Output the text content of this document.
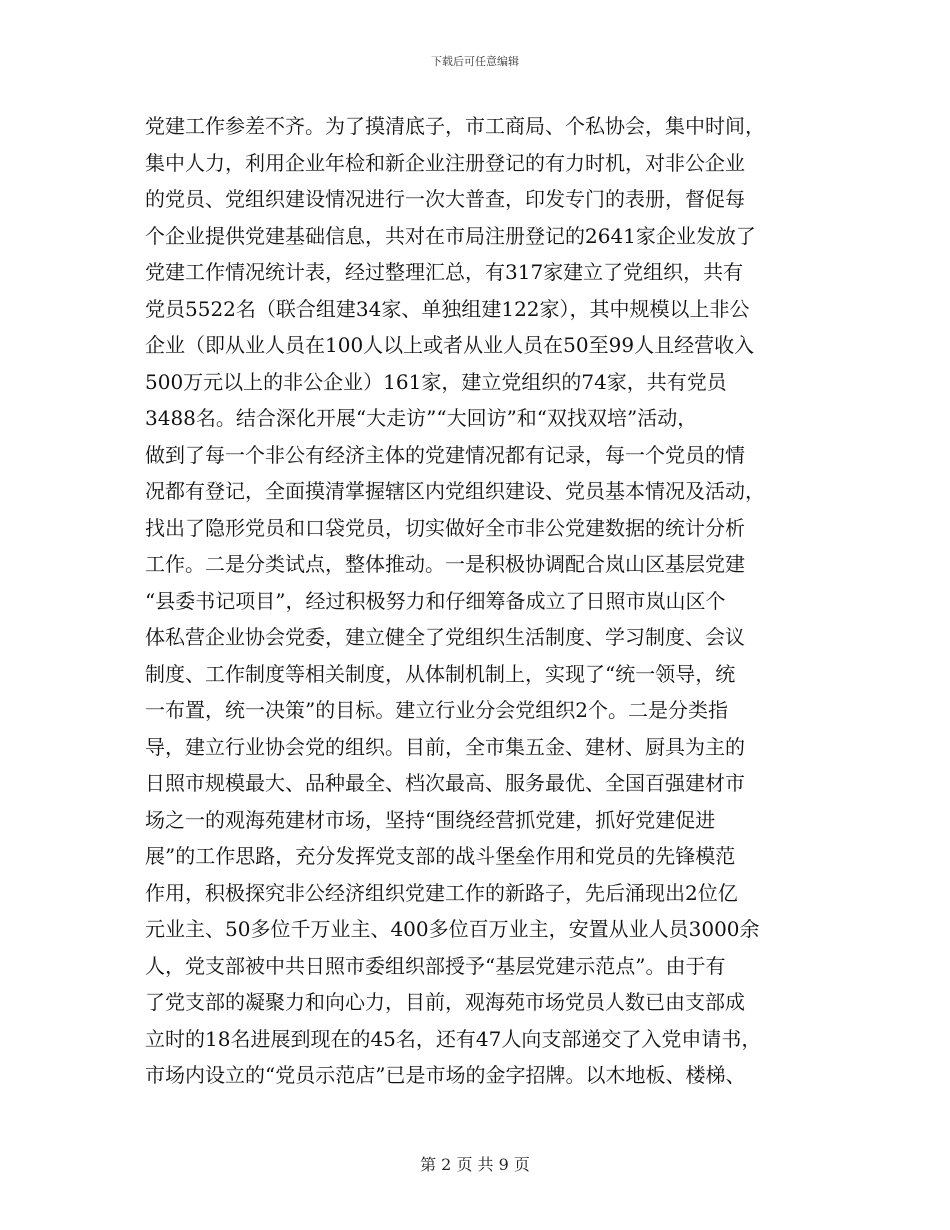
下载后可任意编辑
党建工作参差不齐。为了摸清底子，市工商局、个私协会，集中时间，
集中人力，利用企业年检和新企业注册登记的有力时机，对非公企业
的党员、党组织建设情况进行一次大普查，印发专门的表册，督促每
个企业提供党建基础信息，共对在市局注册登记的2641家企业发放了
党建工作情况统计表，经过整理汇总，有317家建立了党组织，共有
党员5522名（联合组建34家、单独组建122家），其中规模以上非公
企业（即从业人员在100人以上或者从业人员在50至99人且经营收入
500万元以上的非公企业）161家，建立党组织的74家，共有党员
3488名。结合深化开展“大走访”“大回访”和“双找双培”活动，
做到了每一个非公有经济主体的党建情况都有记录，每一个党员的情
况都有登记，全面摸清掌握辖区内党组织建设、党员基本情况及活动，
找出了隐形党员和口袋党员，切实做好全市非公党建数据的统计分析
工作。二是分类试点，整体推动。一是积极协调配合岚山区基层党建
“县委书记项目”，经过积极努力和仔细筹备成立了日照市岚山区个
体私营企业协会党委，建立健全了党组织生活制度、学习制度、会议
制度、工作制度等相关制度，从体制机制上，实现了“统一领导，统
一布置，统一决策”的目标。建立行业分会党组织2个。二是分类指
导，建立行业协会党的组织。目前，全市集五金、建材、厨具为主的
日照市规模最大、品种最全、档次最高、服务最优、全国百强建材市
场之一的观海苑建材市场，坚持“围绕经营抓党建，抓好党建促进
展”的工作思路，充分发挥党支部的战斗堡垒作用和党员的先锋模范
作用，积极探究非公经济组织党建工作的新路子，先后涌现出2位亿
元业主、50多位千万业主、400多位百万业主，安置从业人员3000余
人，党支部被中共日照市委组织部授予“基层党建示范点”。由于有
了党支部的凝聚力和向心力，目前，观海苑市场党员人数已由支部成
立时的18名进展到现在的45名，还有47人向支部递交了入党申请书，
市场内设立的“党员示范店”已是市场的金字招牌。以木地板、楼梯、
第 2 页 共 9 页
